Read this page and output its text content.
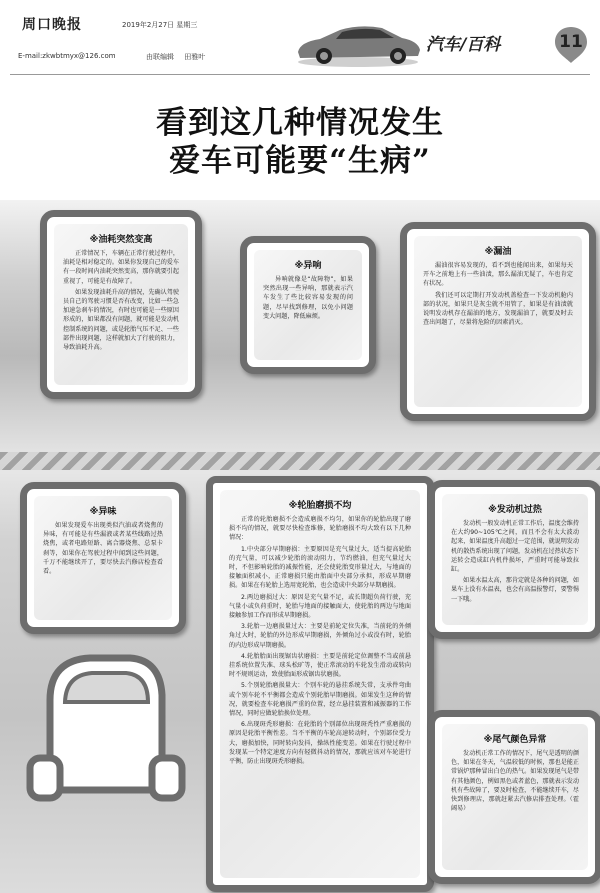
周口晚报	2019年2月27日 星期三
E-mail:zkwbtmyx@126.com	由联编辑 田雅叶
汽车/百科	11
看到这几种情况发生
爱车可能要“生病”
※油耗突然变高

正常情况下，车辆在正常行驶过程中，油耗是相对稳定的。如果你发现自己的爱车有一段时间内油耗突然变高，那你就要引起重视了，可能是有故障了。

如果发现油耗升高的情况，先确认驾驶员自己的驾驶习惯是否有改变，比如一些急加速急刹车的情况，有时也可能是一些原因形成的，如果都没有问题，就可能是发动机控制系统的问题，或是轮胎气压不足、一些部件出现问题，这样就加大了行驶的阻力，导致油耗升高。

※异响

异响就像是“故障物”，如果突然出现一些异响，那就表示汽车发生了些比较容易发现的问题，尽早找到修理，以免小问题变大问题，降低麻烦。

※漏油

漏油很容易发现的，看不到也能闻出来，如果每天开车之前地上有一些油渍，那么漏油无疑了，车也肯定有状况。

我们还可以定期打开发动机盖检查一下发动机舱内部的状况，如果只是灰尘就不用管了，如果是有油渍就说明发动机存在漏油的地方，发现漏油了，就要及时去查出问题了，尽量将危险的因素消灭。

※异味

如果发现爱车出现类似汽油或者烧焦的异味，有可能是有些漏液或者某些线路过热烧焦，或者电路短路、离合器烧焦、总泵卡刹等，如果你在驾驶过程中闻到这些问题，千万不能继续开了，要尽快去汽修店检查看看。

※轮胎磨损不均

正常的轮胎磨损不会造成磨损不均匀，如果你的轮胎出现了磨损不均的情况，就要尽快检查维修，轮胎磨损不均大致有以下几种情况：

1.中央部分早期磨损：主要原因是充气量过大，适当提高轮胎的充气量，可以减少轮胎的滚动阻力，节约燃油，但充气量过大时，不但影响轮胎的减振性能，还会使轮胎变形量过大，与地面的接触面积减小，正常磨损只能由胎面中央部分承担，形成早期磨损。如果在有轮胎上选用宽轮胎，也会造成中央部分早期磨损。

2.两边磨损过大：原因是充气量不足，或长期超负荷行驶，充气量小或负荷重时，轮胎与地面的接触面大，使轮胎的两边与地面接触参加工作而形成早期磨损。

3.轮胎一边磨损量过大：主要是前轮定位失准，当前轮的外倾角过大时，轮胎的外边形成早期磨损，外倾角过小或没有时，轮胎的内边形成早期磨损。

4.轮胎胎面出现锯齿状磨损：主要是前轮定位调整不当或前悬挂系统位置失准、球头松旷等，使正常滚动的车轮发生滑动或转向时不规则运动，致使胎面形成锯齿状磨损。

5.个别轮胎磨损量大：个别车轮的悬挂系统失常，支承件弯曲或个别车轮不平衡都会造成个别轮胎早期磨损。如果发生这种的情况，就要检查车轮磨损严重的位置，经立悬挂装置和减振器的工作情况，同时应做轮胎换位处理。

6.出现斑秃形磨损：在轮胎的个别部位出现斑秃性严重磨损的原因是轮胎平衡性差。当不平衡的车轮高速转动时，个别部位受力大，磨损加快，同时转向发抖，操纵性能变差。如果在行驶过程中发现某一个特定速度方向有轻微抖动的情况，那就应该对车轮进行平衡，防止出现斑秃形磨损。

※发动机过热

发动机一般发动机正常工作后，温度会维持在大约90~105℃之间，而且不会有太大波动起来，如果温度升高超过一定范围，就说明发动机的散热系统出现了问题，发动机在过热状态下运转会造成缸内机件损坏，严重时可能导致拉缸。

如果水温太高，那肯定就是各种的问题，如果车上没有水温表，也会有高温报警灯，要警惕一下哦。

※尾气颜色异常

发动机正常工作的情况下，尾气是透明的颜色，如果在冬天，气温较低的时候，那也是能正常锅炉那种冒出白色的热气。如果发现尾气是带有其他颜色，例如黑色或者蓝色，那就表示发动机有些故障了，要及时检查，不能继续开车，尽快到修理店，那就赶紧去汽修店排查处理。（霍阔易）
